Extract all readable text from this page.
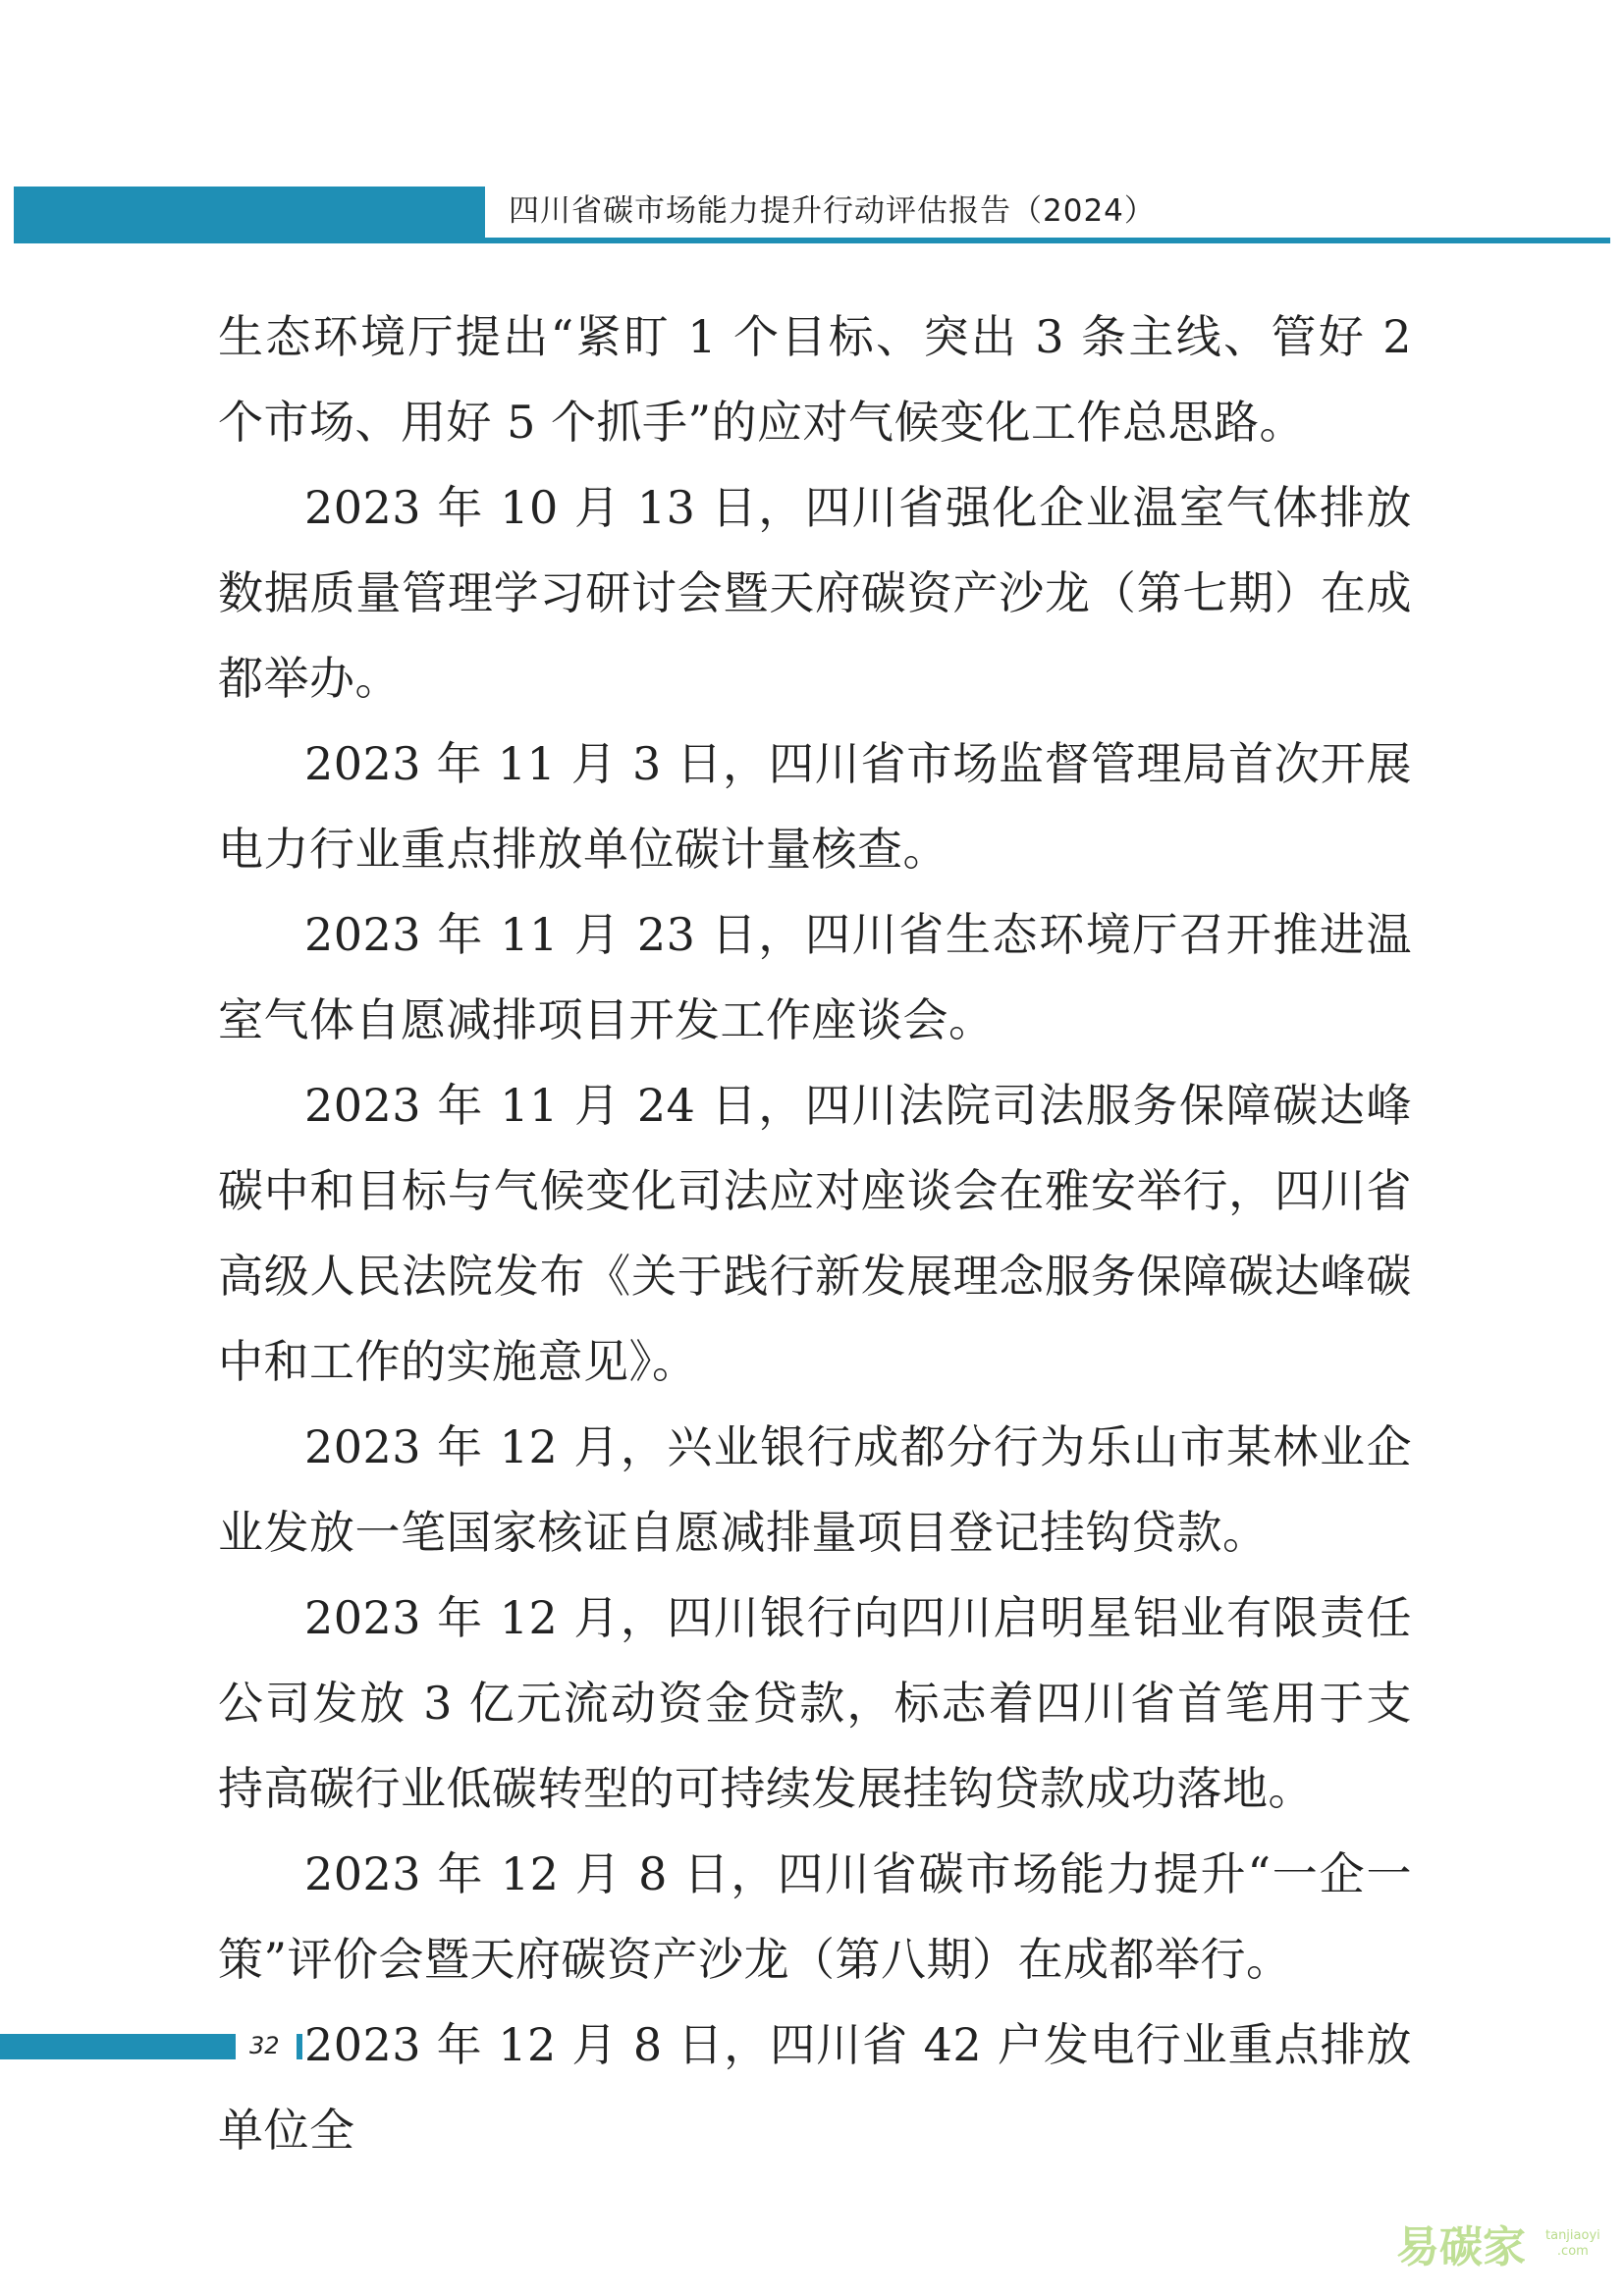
四川省碳市场能力提升行动评估报告（2024）

生态环境厅提出“紧盯 1 个目标、突出 3 条主线、管好 2 个市场、用好 5 个抓手”的应对气候变化工作总思路。

2023 年 10 月 13 日，四川省强化企业温室气体排放数据质量管理学习研讨会暨天府碳资产沙龙（第七期）在成都举办。

2023 年 11 月 3 日，四川省市场监督管理局首次开展电力行业重点排放单位碳计量核查。

2023 年 11 月 23 日，四川省生态环境厅召开推进温室气体自愿减排项目开发工作座谈会。

2023 年 11 月 24 日，四川法院司法服务保障碳达峰碳中和目标与气候变化司法应对座谈会在雅安举行，四川省高级人民法院发布《关于践行新发展理念服务保障碳达峰碳中和工作的实施意见》。

2023 年 12 月，兴业银行成都分行为乐山市某林业企业发放一笔国家核证自愿减排量项目登记挂钩贷款。

2023 年 12 月，四川银行向四川启明星铝业有限责任公司发放 3 亿元流动资金贷款，标志着四川省首笔用于支持高碳行业低碳转型的可持续发展挂钩贷款成功落地。

2023 年 12 月 8 日，四川省碳市场能力提升“一企一策”评价会暨天府碳资产沙龙（第八期）在成都举行。

2023 年 12 月 8 日，四川省 42 户发电行业重点排放单位全

32
易碳家 tanjiaoyi
.com
